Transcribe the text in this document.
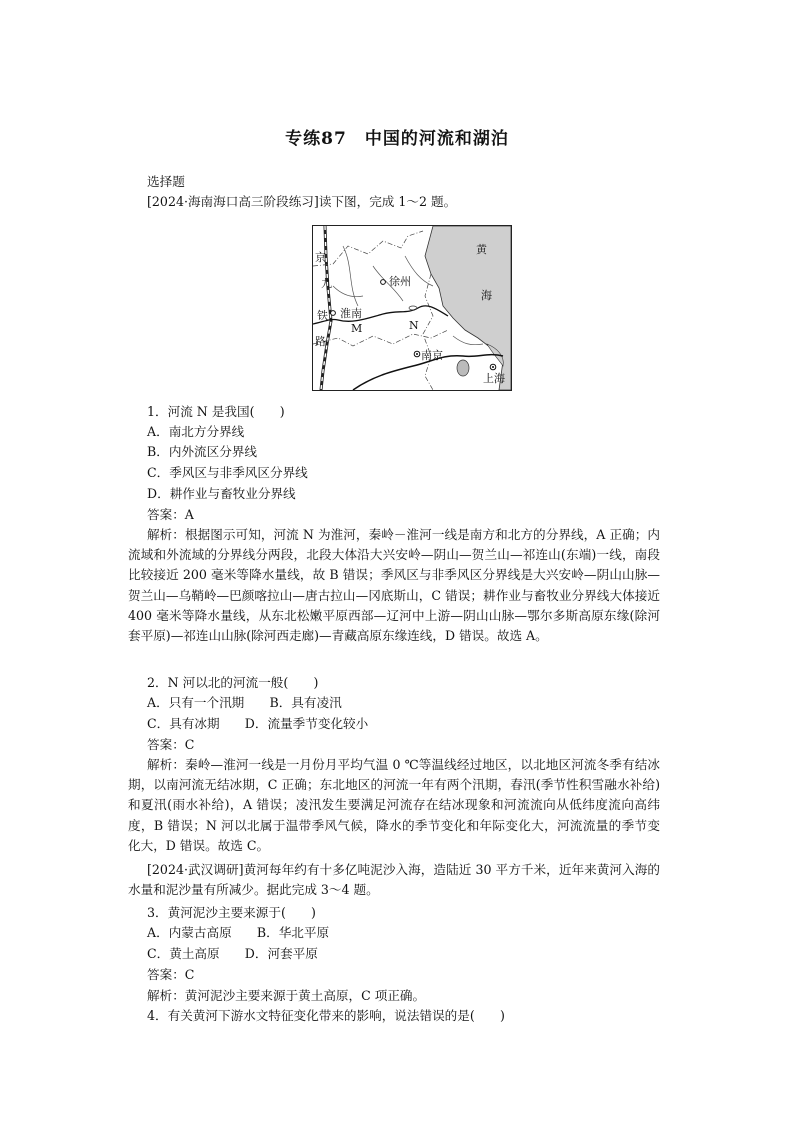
专练87　中国的河流和湖泊
选择题
[2024·海南海口高三阶段练习]读下图，完成 1～2 题。
黄
海
京
九
铁
路
徐州
淮南
M	N
南京
上海
1．河流 N 是我国(　　)
A．南北方分界线
B．内外流区分界线
C．季风区与非季风区分界线
D．耕作业与畜牧业分界线
答案：A
解析：根据图示可知，河流 N 为淮河，秦岭－淮河一线是南方和北方的分界线，A 正确；内流域和外流域的分界线分两段，北段大体沿大兴安岭—阴山—贺兰山—祁连山(东端)一线，南段比较接近 200 毫米等降水量线，故 B 错误；季风区与非季风区分界线是大兴安岭—阴山山脉—贺兰山—乌鞘岭—巴颜喀拉山—唐古拉山—冈底斯山，C 错误；耕作业与畜牧业分界线大体接近 400 毫米等降水量线，从东北松嫩平原西部—辽河中上游—阴山山脉—鄂尔多斯高原东缘(除河套平原)—祁连山山脉(除河西走廊)—青藏高原东缘连线，D 错误。故选 A。
2．N 河以北的河流一般(　　)
A．只有一个汛期　　B．具有凌汛
C．具有冰期　　D．流量季节变化较小
答案：C
解析：秦岭—淮河一线是一月份月平均气温 0 ℃等温线经过地区，以北地区河流冬季有结冰期，以南河流无结冰期，C 正确；东北地区的河流一年有两个汛期，春汛(季节性积雪融水补给)和夏汛(雨水补给)，A 错误；凌汛发生要满足河流存在结冰现象和河流流向从低纬度流向高纬度，B 错误；N 河以北属于温带季风气候，降水的季节变化和年际变化大，河流流量的季节变化大，D 错误。故选 C。
[2024·武汉调研]黄河每年约有十多亿吨泥沙入海，造陆近 30 平方千米，近年来黄河入海的水量和泥沙量有所减少。据此完成 3～4 题。
3．黄河泥沙主要来源于(　　)
A．内蒙古高原　　B．华北平原
C．黄土高原　　D．河套平原
答案：C
解析：黄河泥沙主要来源于黄土高原，C 项正确。
4．有关黄河下游水文特征变化带来的影响，说法错误的是(　　)
